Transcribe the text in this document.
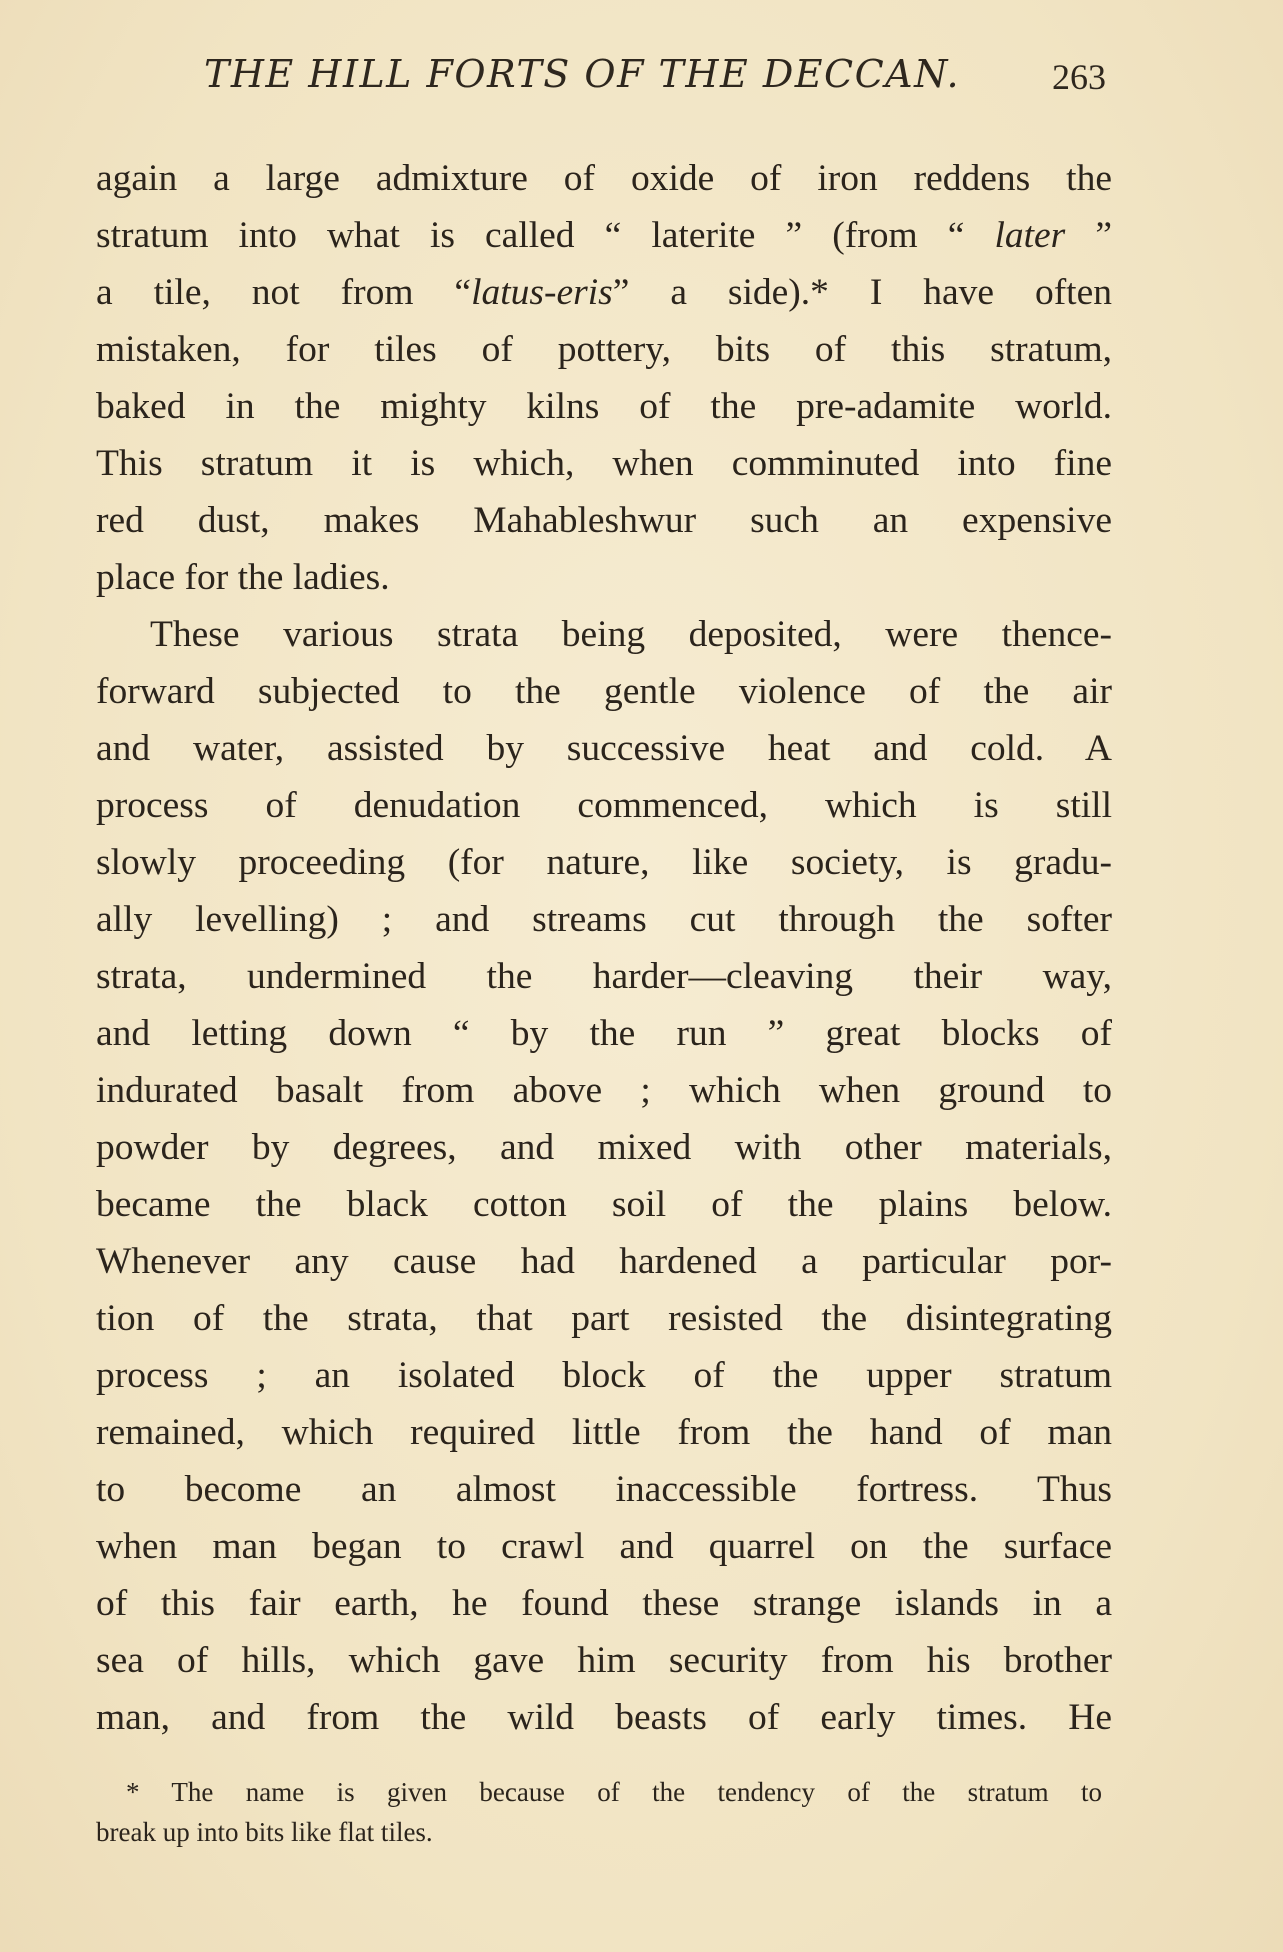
THE HILL FORTS OF THE DECCAN.	263
again a large admixture of oxide of iron reddens the
stratum into what is called “ laterite ” (from “ later ”
a tile, not from “latus-eris” a side).* I have often
mistaken, for tiles of pottery, bits of this stratum,
baked in the mighty kilns of the pre-adamite world.
This stratum it is which, when comminuted into fine
red dust, makes Mahableshwur such an expensive
place for the ladies.
These various strata being deposited, were thence-
forward subjected to the gentle violence of the air
and water, assisted by successive heat and cold. A
process of denudation commenced, which is still
slowly proceeding (for nature, like society, is gradu-
ally levelling) ; and streams cut through the softer
strata, undermined the harder—cleaving their way,
and letting down “ by the run ” great blocks of
indurated basalt from above ; which when ground to
powder by degrees, and mixed with other materials,
became the black cotton soil of the plains below.
Whenever any cause had hardened a particular por-
tion of the strata, that part resisted the disintegrating
process ; an isolated block of the upper stratum
remained, which required little from the hand of man
to become an almost inaccessible fortress. Thus
when man began to crawl and quarrel on the surface
of this fair earth, he found these strange islands in a
sea of hills, which gave him security from his brother
man, and from the wild beasts of early times. He
* The name is given because of the tendency of the stratum to
break up into bits like flat tiles.
